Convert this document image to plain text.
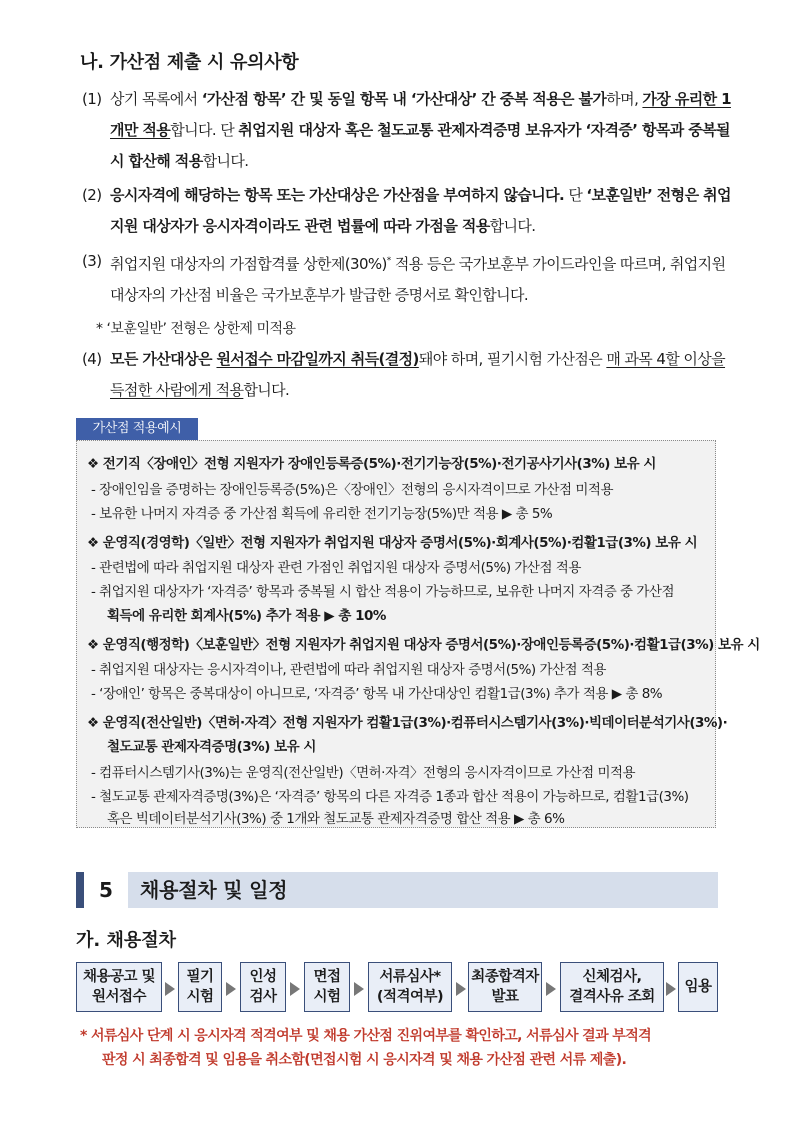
나. 가산점 제출 시 유의사항
(1) 상기 목록에서 ‘가산점 항목’ 간 및 동일 항목 내 ‘가산대상’ 간 중복 적용은 불가하며, 가장 유리한 1개만 적용합니다. 단 취업지원 대상자 혹은 철도교통 관제자격증명 보유자가 ‘자격증’ 항목과 중복될 시 합산해 적용합니다.
(2) 응시자격에 해당하는 항목 또는 가산대상은 가산점을 부여하지 않습니다. 단 ‘보훈일반’ 전형은 취업지원 대상자가 응시자격이라도 관련 법률에 따라 가점을 적용합니다.
(3) 취업지원 대상자의 가점합격률 상한제(30%)* 적용 등은 국가보훈부 가이드라인을 따르며, 취업지원 대상자의 가산점 비율은 국가보훈부가 발급한 증명서로 확인합니다.
* ‘보훈일반’ 전형은 상한제 미적용
(4) 모든 가산대상은 원서접수 마감일까지 취득(결정)돼야 하며, 필기시험 가산점은 매 과목 4할 이상을 득점한 사람에게 적용합니다.
가산점 적용예시
❖ 전기직〈장애인〉전형 지원자가 장애인등록증(5%)·전기기능장(5%)·전기공사기사(3%) 보유 시
- 장애인임을 증명하는 장애인등록증(5%)은〈장애인〉전형의 응시자격이므로 가산점 미적용
- 보유한 나머지 자격증 중 가산점 획득에 유리한 전기기능장(5%)만 적용 ▶ 총 5%
❖ 운영직(경영학)〈일반〉전형 지원자가 취업지원 대상자 증명서(5%)·회계사(5%)·컴활1급(3%) 보유 시
- 관련법에 따라 취업지원 대상자 관련 가점인 취업지원 대상자 증명서(5%) 가산점 적용
- 취업지원 대상자가 ‘자격증’ 항목과 중복될 시 합산 적용이 가능하므로, 보유한 나머지 자격증 중 가산점
획득에 유리한 회계사(5%) 추가 적용 ▶ 총 10%
❖ 운영직(행정학)〈보훈일반〉전형 지원자가 취업지원 대상자 증명서(5%)·장애인등록증(5%)·컴활1급(3%) 보유 시
- 취업지원 대상자는 응시자격이나, 관련법에 따라 취업지원 대상자 증명서(5%) 가산점 적용
- ‘장애인’ 항목은 중복대상이 아니므로, ‘자격증’ 항목 내 가산대상인 컴활1급(3%) 추가 적용 ▶ 총 8%
❖ 운영직(전산일반)〈면허·자격〉전형 지원자가 컴활1급(3%)·컴퓨터시스템기사(3%)·빅데이터분석기사(3%)·
철도교통 관제자격증명(3%) 보유 시
- 컴퓨터시스템기사(3%)는 운영직(전산일반)〈면허·자격〉전형의 응시자격이므로 가산점 미적용
- 철도교통 관제자격증명(3%)은 ‘자격증’ 항목의 다른 자격증 1종과 합산 적용이 가능하므로, 컴활1급(3%)
혹은 빅데이터분석기사(3%) 중 1개와 철도교통 관제자격증명 합산 적용 ▶ 총 6%
5	채용절차 및 일정
가. 채용절차
채용공고 및
원서접수
필기
시험
인성
검사
면접
시험
서류심사*
(적격여부)
최종합격자
발표
신체검사,
결격사유 조회
임용
* 서류심사 단계 시 응시자격 적격여부 및 채용 가산점 진위여부를 확인하고, 서류심사 결과 부적격
판정 시 최종합격 및 임용을 취소함(면접시험 시 응시자격 및 채용 가산점 관련 서류 제출).
